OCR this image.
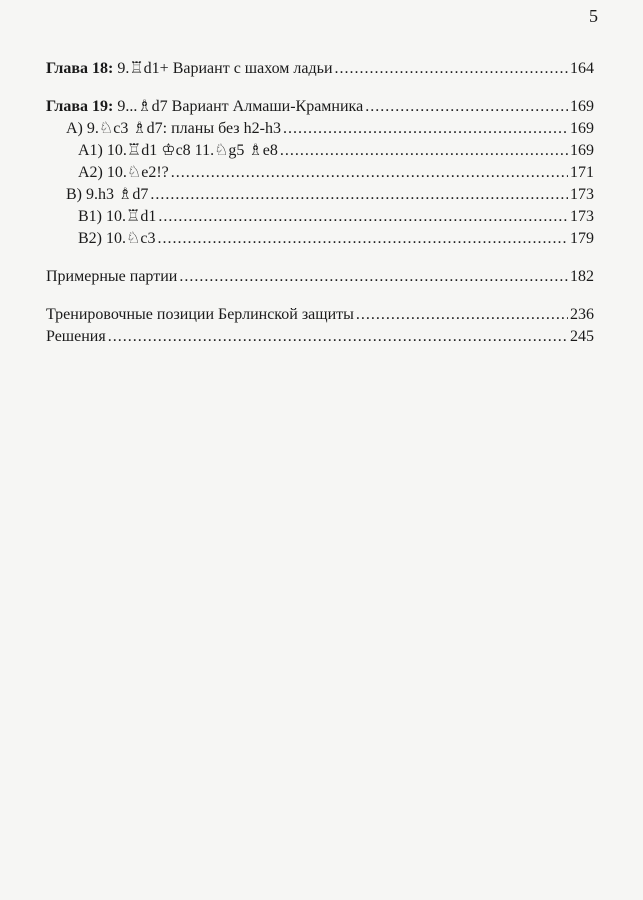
5
Глава 18: 9.♖d1+ Вариант с шахом ладьи .....	164
Глава 19: 9...♗d7 Вариант Алмаши-Крамника .....	169
A) 9.♘c3 ♗d7: планы без h2-h3 .....	169
A1) 10.♖d1 ♔c8 11.♘g5 ♗e8 .....	169
A2) 10.♘e2!? .....	171
B) 9.h3 ♗d7 .....	173
B1) 10.♖d1 .....	173
B2) 10.♘c3 .....	179
Примерные партии .....	182
Тренировочные позиции Берлинской защиты .....	236
Решения .....	245
